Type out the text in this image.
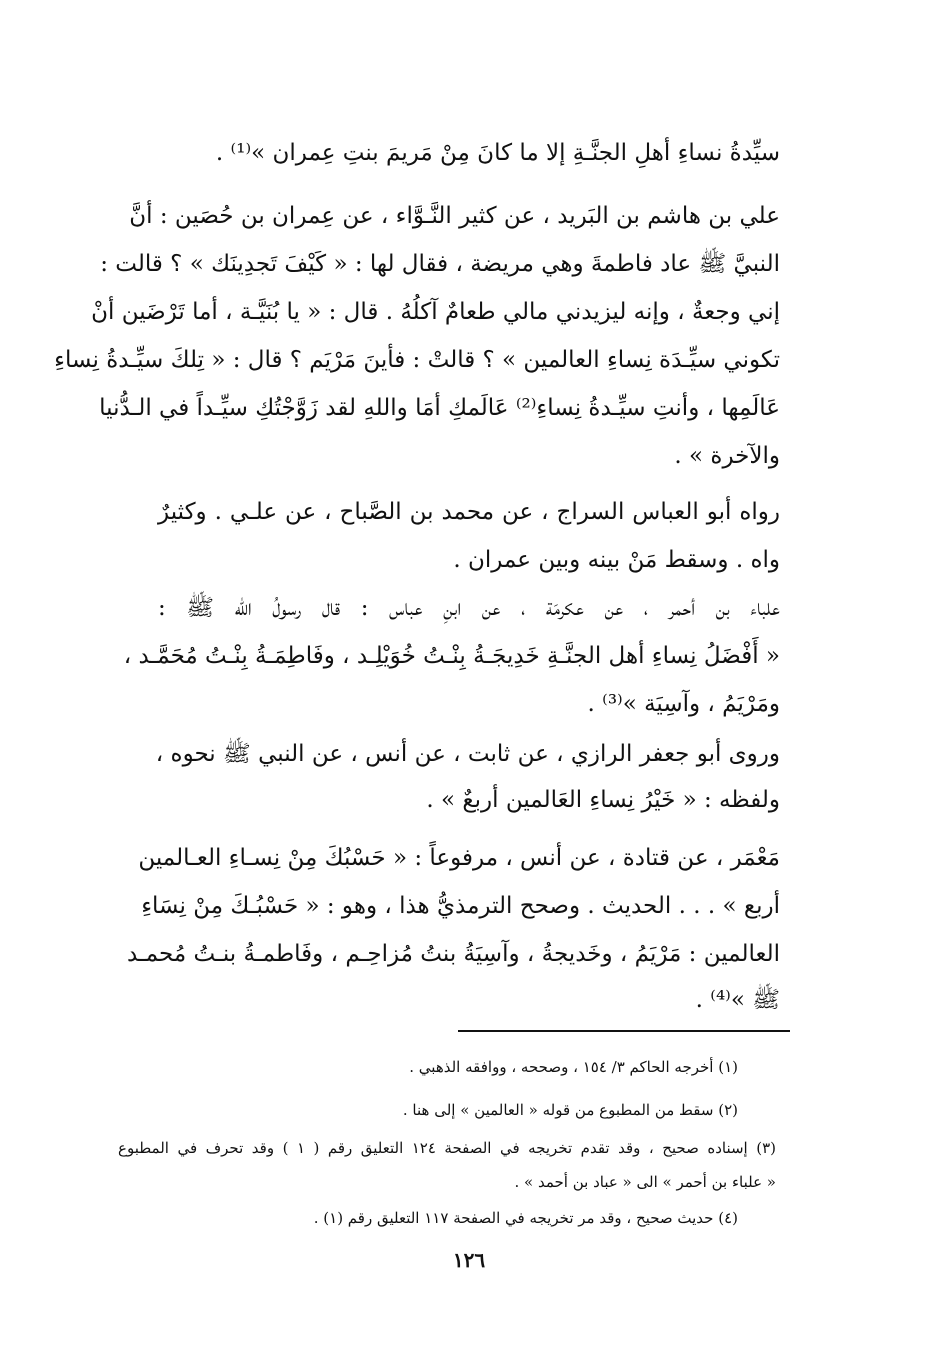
سيِّدةُ نساءِ أهلِ الجنَّـةِ إلا ما كانَ مِنْ مَريمَ بنتِ عِمران »⁽¹⁾ .
علي بن هاشم بن البَريد ، عن كثير النَّـوَّاء ، عن عِمران بن حُصَين : أنَّ
النبيَّ ﷺ عاد فاطمةَ وهي مريضة ، فقال لها : « كَيْفَ تَجدِينَك » ؟ قالت :
إني وجعةٌ ، وإنه ليزيدني مالي طعامٌ آكلُهُ . قال : « يا بُنَيَّـة ، أما تَرْضَين أنْ
تكوني سيِّـدَة نِساءِ العالمين » ؟ قالتْ : فأينَ مَرْيَم ؟ قال : « تِلكَ سيِّـدةُ نِساءِ
عَالَمِها ، وأنتِ سيِّـدةُ نِساءِ⁽²⁾ عَالَمكِ أمَا واللهِ لقد زَوَّجْتُكِ سيِّـداً في الـدُّنيا
والآخرة » .
رواه أبو العباس السراج ، عن محمد بن الصَّباح ، عن علـي . وكثيرٌ
واه . وسقط مَنْ بينه وبين عمران .
علباء بن أحمر ، عن عكرمَة ، عن ابنِ عباس : قال رسولُ الله ﷺ :
« أَفْضَلُ نِساءِ أهل الجنَّـةِ خَدِيجَـةُ بِنْـتُ خُوَيْلِـد ، وفَاطِمَـةُ بِنْـتُ مُحَمَّـد ،
ومَرْيَمُ ، وآسِيَة »⁽³⁾ .
وروى أبو جعفر الرازي ، عن ثابت ، عن أنس ، عن النبي ﷺ نحوه ،
ولفظه : « خَيْرُ نِساءِ العَالمين أربعٌ » .
مَعْمَر ، عن قتادة ، عن أنس ، مرفوعاً : « حَسْبُكَ مِنْ نِسـاءِ العـالمين
أربع » . . . الحديث . وصحح الترمذيُّ هذا ، وهو : « حَسْبُـكَ مِنْ نِسَاءِ
العالمين : مَرْيَمُ ، وخَديجةُ ، وآسِيَةُ بنتُ مُزاحِـم ، وفَاطمـةُ بنـتُ مُحمـد
ﷺ »⁽⁴⁾ .
(١) أخرجه الحاكم ٣/ ١٥٤ ، وصححه ، ووافقه الذهبي .
(٢) سقط من المطبوع من قوله « العالمين » إلى هنا .
(٣) إسناده صحيح ، وقد تقدم تخريجه في الصفحة ١٢٤ التعليق رقم ( ١ ) وقد تحرف في المطبوع
« علباء بن أحمر » الى « عباد بن أحمد » .
(٤) حديث صحيح ، وقد مر تخريجه في الصفحة ١١٧ التعليق رقم (١) .
١٢٦
